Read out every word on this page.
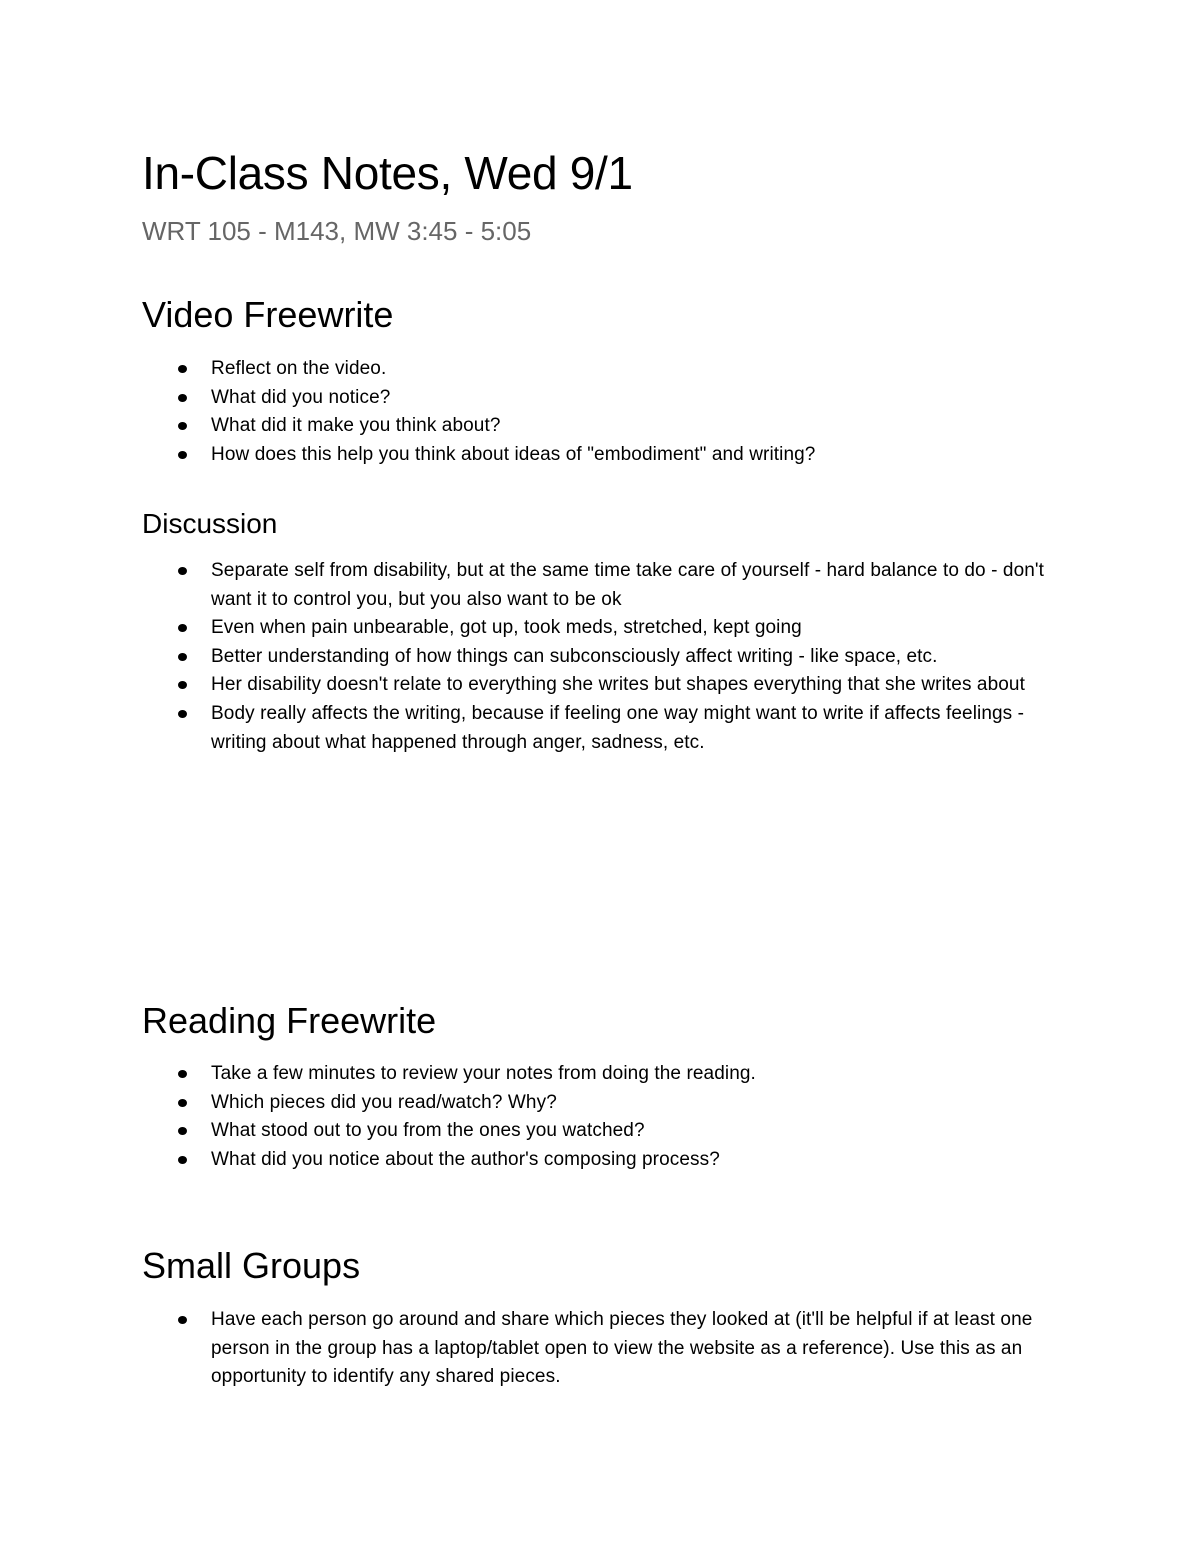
In-Class Notes, Wed 9/1
WRT 105 - M143, MW 3:45 - 5:05
Video Freewrite
Reflect on the video.
What did you notice?
What did it make you think about?
How does this help you think about ideas of "embodiment" and writing?
Discussion
Separate self from disability, but at the same time take care of yourself - hard balance to do - don't want it to control you, but you also want to be ok
Even when pain unbearable, got up, took meds, stretched, kept going
Better understanding of how things can subconsciously affect writing - like space, etc.
Her disability doesn't relate to everything she writes but shapes everything that she writes about
Body really affects the writing, because if feeling one way might want to write if affects feelings - writing about what happened through anger, sadness, etc.
Reading Freewrite
Take a few minutes to review your notes from doing the reading.
Which pieces did you read/watch? Why?
What stood out to you from the ones you watched?
What did you notice about the author's composing process?
Small Groups
Have each person go around and share which pieces they looked at (it'll be helpful if at least one person in the group has a laptop/tablet open to view the website as a reference). Use this as an opportunity to identify any shared pieces.
